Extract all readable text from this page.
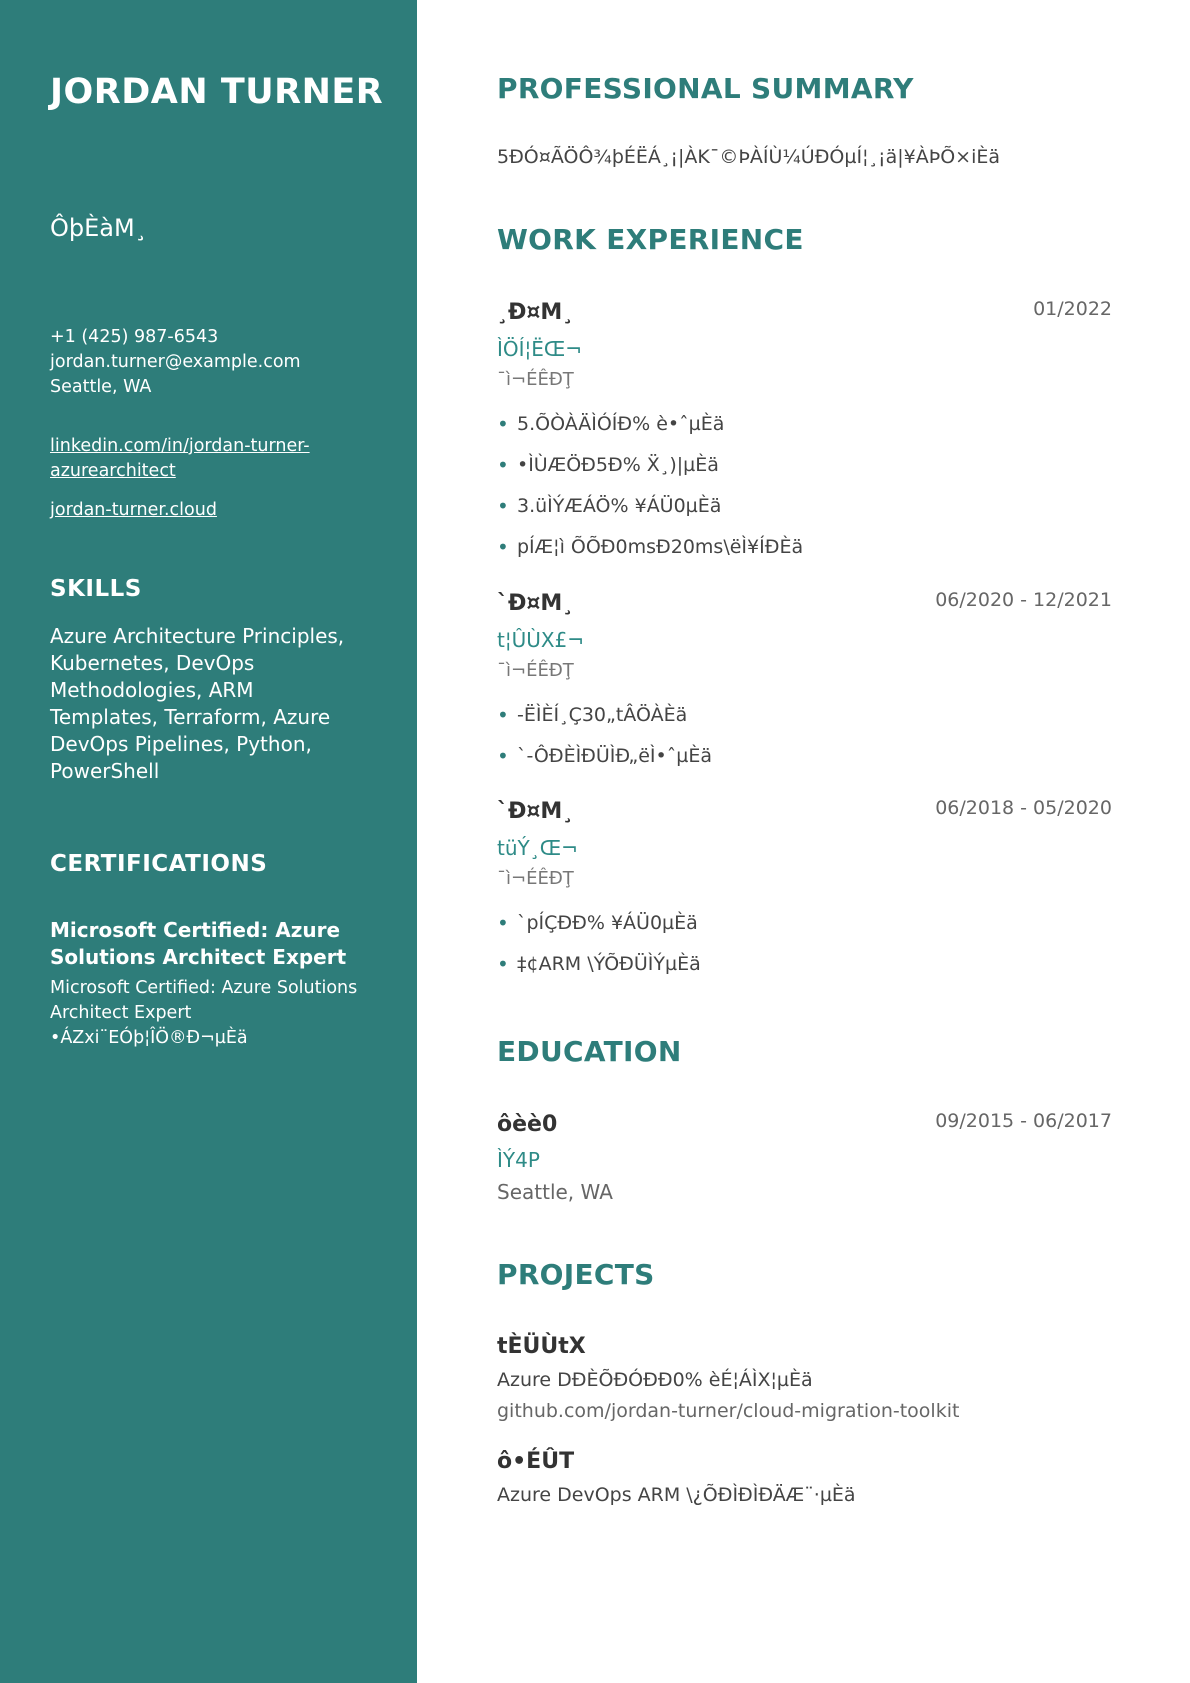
JORDAN TURNER
ÔþÈàM¸
+1 (425) 987-6543
jordan.turner@example.com
Seattle, WA
linkedin.com/in/jordan-turner-azurearchitect
jordan-turner.cloud
SKILLS
Azure Architecture Principles, Kubernetes, DevOps Methodologies, ARM Templates, Terraform, Azure DevOps Pipelines, Python, PowerShell
CERTIFICATIONS
Microsoft Certified: Azure Solutions Architect Expert
Microsoft Certified: Azure Solutions Architect Expert •ÁZxi¨EÓþ¦ÎÖ®Ð¬µÈä
PROFESSIONAL SUMMARY
5ÐÓ¤ÃÖÔ¾þÉËÁ¸¡|ÀK¯©ÞÀÍÙ¼ÚÐÓµÍ¦¸¡ä|¥ÀÞÕ×iÈä
WORK EXPERIENCE
¸Ð¤M¸	01/2022
ÌÖÍ¦ËŒ¬
¯ì¬ÉÊÐŢ
• 5.ÕÒÀÄÌÓÍÐ% è•ˆµÈä
• •ÌÙÆÖÐ5Ð% Ẍ¸)|µÈä
• 3.üÌÝÆÁÖ% ¥ÁÜ0µÈä
• pÍÆ¦ì ÕÕÐ0msÐ20ms\ëÌ¥ÍÐÈä
`Ð¤M¸	06/2020 - 12/2021
t¦ÛÙX£¬
¯ì¬ÉÊÐŢ
• -ËÌÈÍ¸Ç30„tÂÖÀÈä
• `-ÔÐÈÌÐÜÌÐ„ëÌ•ˆµÈä
`Ð¤M¸	06/2018 - 05/2020
tüÝ¸Œ¬
¯ì¬ÉÊÐŢ
• `pÍÇÐÐ% ¥ÁÜ0µÈä
• ‡¢ARM \ÝÕÐÜÌÝµÈä
EDUCATION
ôèè0	09/2015 - 06/2017
ÌÝ4P
Seattle, WA
PROJECTS
tÈÜÙtX
Azure DÐÈÕÐÓÐÐ0% èÉ¦ÁÌX¦µÈä
github.com/jordan-turner/cloud-migration-toolkit
ô•ÉÛT
Azure DevOps ARM \¿ÕÐÌÐÌÐÄÆ¨·µÈä
